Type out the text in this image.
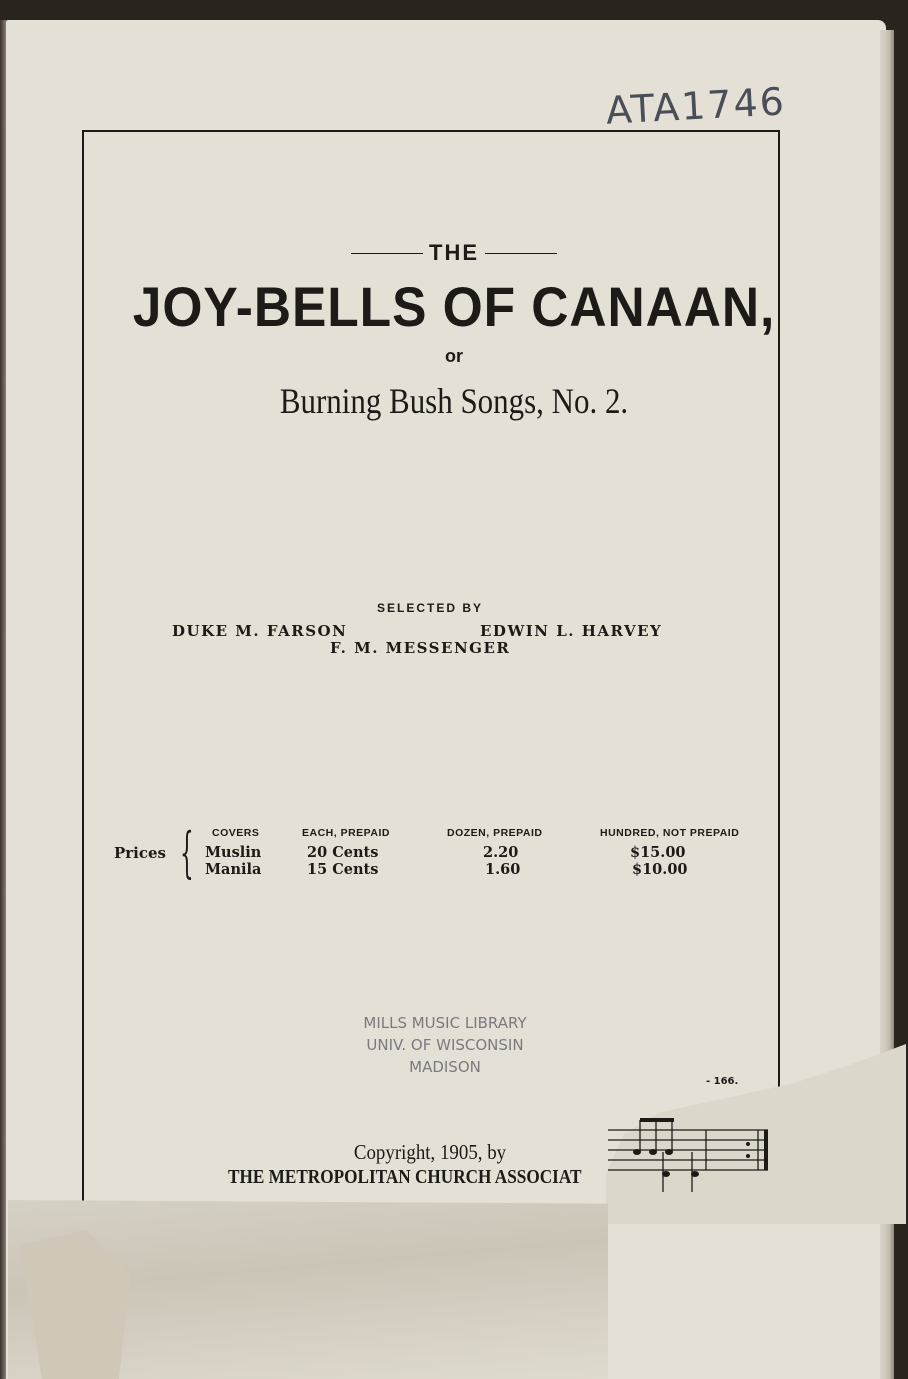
ATA1746
THE
JOY-BELLS OF CANAAN,
or
Burning Bush Songs, No. 2.
SELECTED BY
DUKE M. FARSON	EDWIN L. HARVEY
F. M. MESSENGER
Prices { COVERS	EACH, PREPAID	DOZEN, PREPAID	HUNDRED, NOT PREPAID
Muslin	20 Cents	2.20	$15.00
Manila	15 Cents	1.60	$10.00
MILLS MUSIC LIBRARY
UNIV. OF WISCONSIN
MADISON
Copyright, 1905, by
THE METROPOLITAN CHURCH ASSOCIAT
- 166.
